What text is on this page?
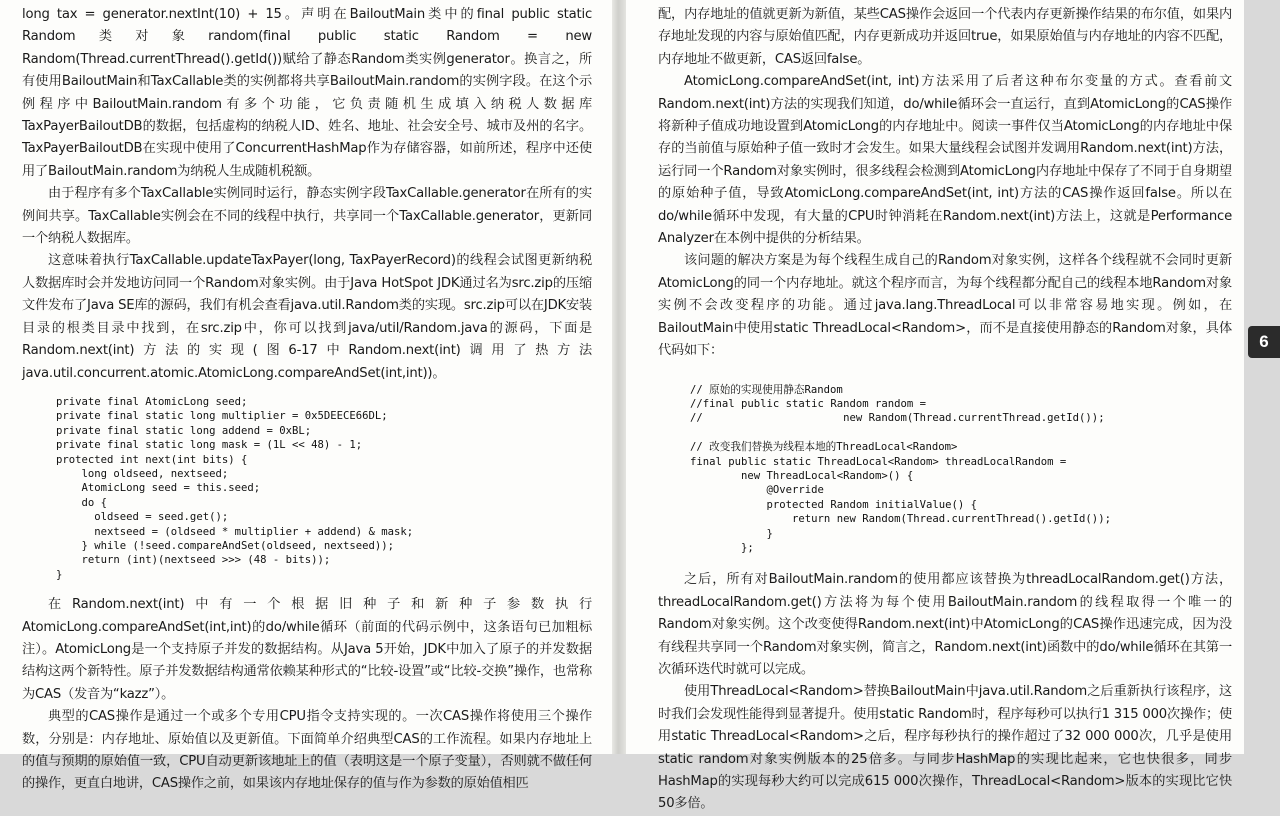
long tax = generator.nextInt(10) + 15。声明在BailoutMain类中的final public static Random类对象random(final public static Random = new Random(Thread.currentThread().getId())赋给了静态Random类实例generator。换言之，所有使用BailoutMain和TaxCallable类的实例都将共享BailoutMain.random的实例字段。在这个示例程序中BailoutMain.random有多个功能，它负责随机生成填入纳税人数据库TaxPayerBailoutDB的数据，包括虚构的纳税人ID、姓名、地址、社会安全号、城市及州的名字。TaxPayerBailoutDB在实现中使用了ConcurrentHashMap作为存储容器，如前所述，程序中还使用了BailoutMain.random为纳税人生成随机税额。

由于程序有多个TaxCallable实例同时运行，静态实例字段TaxCallable.generator在所有的实例间共享。TaxCallable实例会在不同的线程中执行，共享同一个TaxCallable.generator，更新同一个纳税人数据库。

这意味着执行TaxCallable.updateTaxPayer(long, TaxPayerRecord)的线程会试图更新纳税人数据库时会并发地访问同一个Random对象实例。由于Java HotSpot JDK通过名为src.zip的压缩文件发布了Java SE库的源码，我们有机会查看java.util.Random类的实现。src.zip可以在JDK安装目录的根类目录中找到，在src.zip中，你可以找到java/util/Random.java的源码，下面是Random.next(int)方法的实现(图6-17中Random.next(int)调用了热方法java.util.concurrent.atomic.AtomicLong.compareAndSet(int,int))。

private final AtomicLong seed;
private final static long multiplier = 0x5DEECE66DL;
private final static long addend = 0xBL;
private final static long mask = (1L << 48) - 1;
protected int next(int bits) {
long oldseed, nextseed;
AtomicLong seed = this.seed;
do {
oldseed = seed.get();
nextseed = (oldseed * multiplier + addend) & mask;
} while (!seed.compareAndSet(oldseed, nextseed));
return (int)(nextseed >>> (48 - bits));
}

在Random.next(int)中有一个根据旧种子和新种子参数执行AtomicLong.compareAndSet(int,int)的do/while循环（前面的代码示例中，这条语句已加粗标注）。AtomicLong是一个支持原子并发的数据结构。从Java 5开始，JDK中加入了原子的并发数据结构这两个新特性。原子并发数据结构通常依赖某种形式的“比较-设置”或“比较-交换”操作，也常称为CAS（发音为“kazz”）。

典型的CAS操作是通过一个或多个专用CPU指令支持实现的。一次CAS操作将使用三个操作数，分别是：内存地址、原始值以及更新值。下面简单介绍典型CAS的工作流程。如果内存地址上的值与预期的原始值一致，CPU自动更新该地址上的值（表明这是一个原子变量），否则就不做任何的操作，更直白地讲，CAS操作之前，如果该内存地址保存的值与作为参数的原始值相匹

配，内存地址的值就更新为新值，某些CAS操作会返回一个代表内存更新操作结果的布尔值，如果内存地址发现的内容与原始值匹配，内存更新成功并返回true，如果原始值与内存地址的内容不匹配，内存地址不做更新，CAS返回false。

AtomicLong.compareAndSet(int, int)方法采用了后者这种布尔变量的方式。查看前文Random.next(int)方法的实现我们知道，do/while循环会一直运行，直到AtomicLong的CAS操作将新种子值成功地设置到AtomicLong的内存地址中。阅读一事件仅当AtomicLong的内存地址中保存的当前值与原始种子值一致时才会发生。如果大量线程会试图并发调用Random.next(int)方法，运行同一个Random对象实例时，很多线程会检测到AtomicLong内存地址中保存了不同于自身期望的原始种子值，导致AtomicLong.compareAndSet(int, int)方法的CAS操作返回false。所以在do/while循环中发现，有大量的CPU时钟消耗在Random.next(int)方法上，这就是Performance Analyzer在本例中提供的分析结果。

该问题的解决方案是为每个线程生成自己的Random对象实例，这样各个线程就不会同时更新AtomicLong的同一个内存地址。就这个程序而言，为每个线程都分配自己的线程本地Random对象实例不会改变程序的功能。通过java.lang.ThreadLocal可以非常容易地实现。例如，在BailoutMain中使用static ThreadLocal<Random>，而不是直接使用静态的Random对象，具体代码如下：

// 原始的实现使用静态Random
//final public static Random random =
//                      new Random(Thread.currentThread.getId());

// 改变我们替换为线程本地的ThreadLocal<Random>
final public static ThreadLocal<Random> threadLocalRandom =
new ThreadLocal<Random>() {
@Override
protected Random initialValue() {
return new Random(Thread.currentThread().getId());
}
};

之后，所有对BailoutMain.random的使用都应该替换为threadLocalRandom.get()方法，threadLocalRandom.get()方法将为每个使用BailoutMain.random的线程取得一个唯一的Random对象实例。这个改变使得Random.next(int)中AtomicLong的CAS操作迅速完成，因为没有线程共享同一个Random对象实例，简言之，Random.next(int)函数中的do/while循环在其第一次循环迭代时就可以完成。

使用ThreadLocal<Random>替换BailoutMain中java.util.Random之后重新执行该程序，这时我们会发现性能得到显著提升。使用static Random时，程序每秒可以执行1 315 000次操作；使用static ThreadLocal<Random>之后，程序每秒执行的操作超过了32 000 000次，几乎是使用static random对象实例版本的25倍多。与同步HashMap的实现比起来，它也快很多，同步HashMap的实现每秒大约可以完成615 000次操作，ThreadLocal<Random>版本的实现比它快50多倍。

6
